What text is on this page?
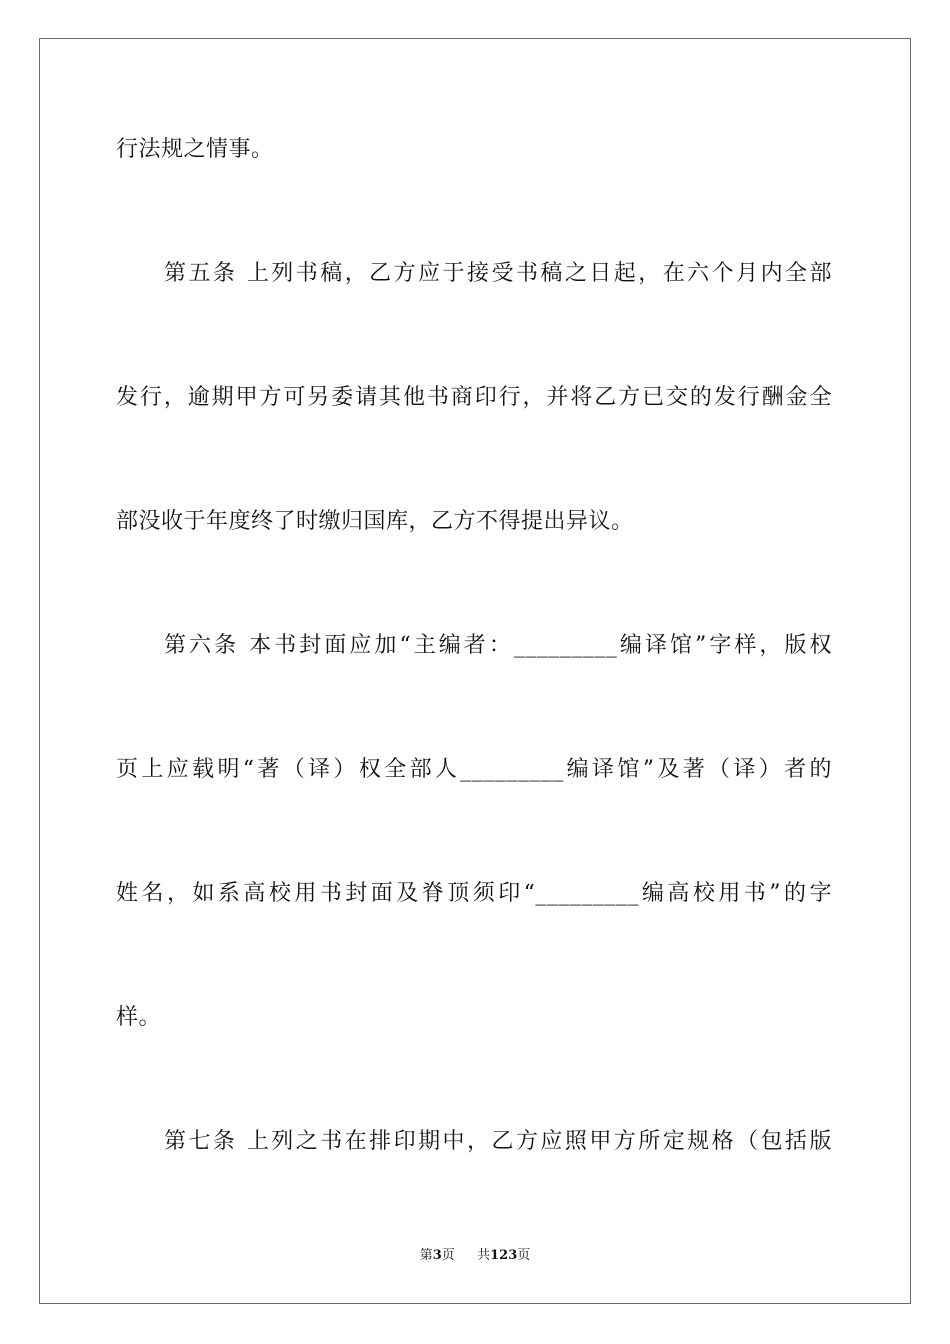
行法规之情事。
第五条 上列书稿，乙方应于接受书稿之日起，在六个月内全部
发行，逾期甲方可另委请其他书商印行，并将乙方已交的发行酬金全
部没收于年度终了时缴归国库，乙方不得提出异议。
第六条 本书封面应加“主编者：_________编译馆”字样，版权
页上应载明“著（译）权全部人_________编译馆”及著（译）者的
姓名，如系高校用书封面及脊顶须印“_________编高校用书”的字
样。
第七条 上列之书在排印期中，乙方应照甲方所定规格（包括版
第3页 共123页
